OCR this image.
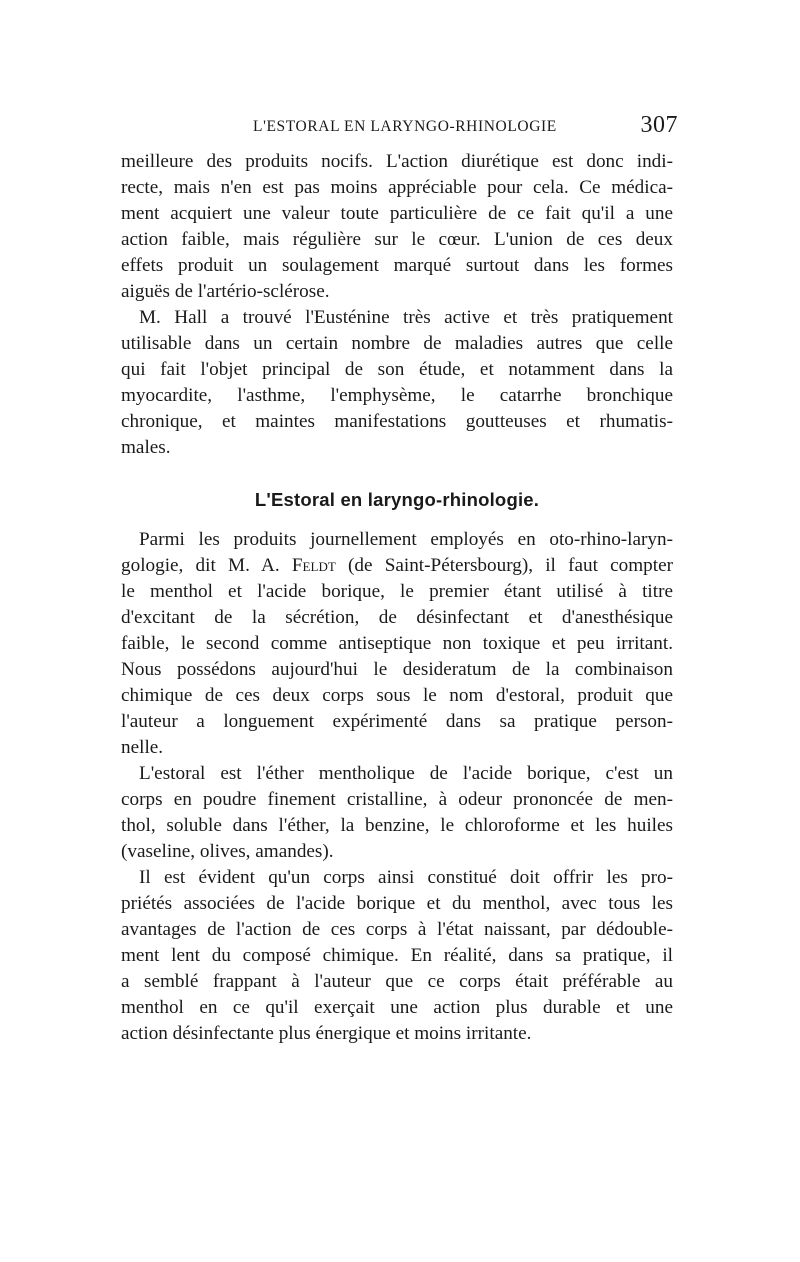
L'ESTORAL EN LARYNGO-RHINOLOGIE	307
meilleure des produits nocifs. L'action diurétique est donc indi-
recte, mais n'en est pas moins appréciable pour cela. Ce médica-
ment acquiert une valeur toute particulière de ce fait qu'il a une
action faible, mais régulière sur le cœur. L'union de ces deux
effets produit un soulagement marqué surtout dans les formes
aiguës de l'artério-sclérose.
M. Hall a trouvé l'Eusténine très active et très pratiquement
utilisable dans un certain nombre de maladies autres que celle
qui fait l'objet principal de son étude, et notamment dans la
myocardite, l'asthme, l'emphysème, le catarrhe bronchique
chronique, et maintes manifestations goutteuses et rhumatis-
males.
L'Estoral en laryngo-rhinologie.
Parmi les produits journellement employés en oto-rhino-laryn-
gologie, dit M. A. Feldt (de Saint-Pétersbourg), il faut compter
le menthol et l'acide borique, le premier étant utilisé à titre
d'excitant de la sécrétion, de désinfectant et d'anesthésique
faible, le second comme antiseptique non toxique et peu irritant.
Nous possédons aujourd'hui le desideratum de la combinaison
chimique de ces deux corps sous le nom d'estoral, produit que
l'auteur a longuement expérimenté dans sa pratique person-
nelle.
L'estoral est l'éther mentholique de l'acide borique, c'est un
corps en poudre finement cristalline, à odeur prononcée de men-
thol, soluble dans l'éther, la benzine, le chloroforme et les huiles
(vaseline, olives, amandes).
Il est évident qu'un corps ainsi constitué doit offrir les pro-
priétés associées de l'acide borique et du menthol, avec tous les
avantages de l'action de ces corps à l'état naissant, par dédouble-
ment lent du composé chimique. En réalité, dans sa pratique, il
a semblé frappant à l'auteur que ce corps était préférable au
menthol en ce qu'il exerçait une action plus durable et une
action désinfectante plus énergique et moins irritante.
